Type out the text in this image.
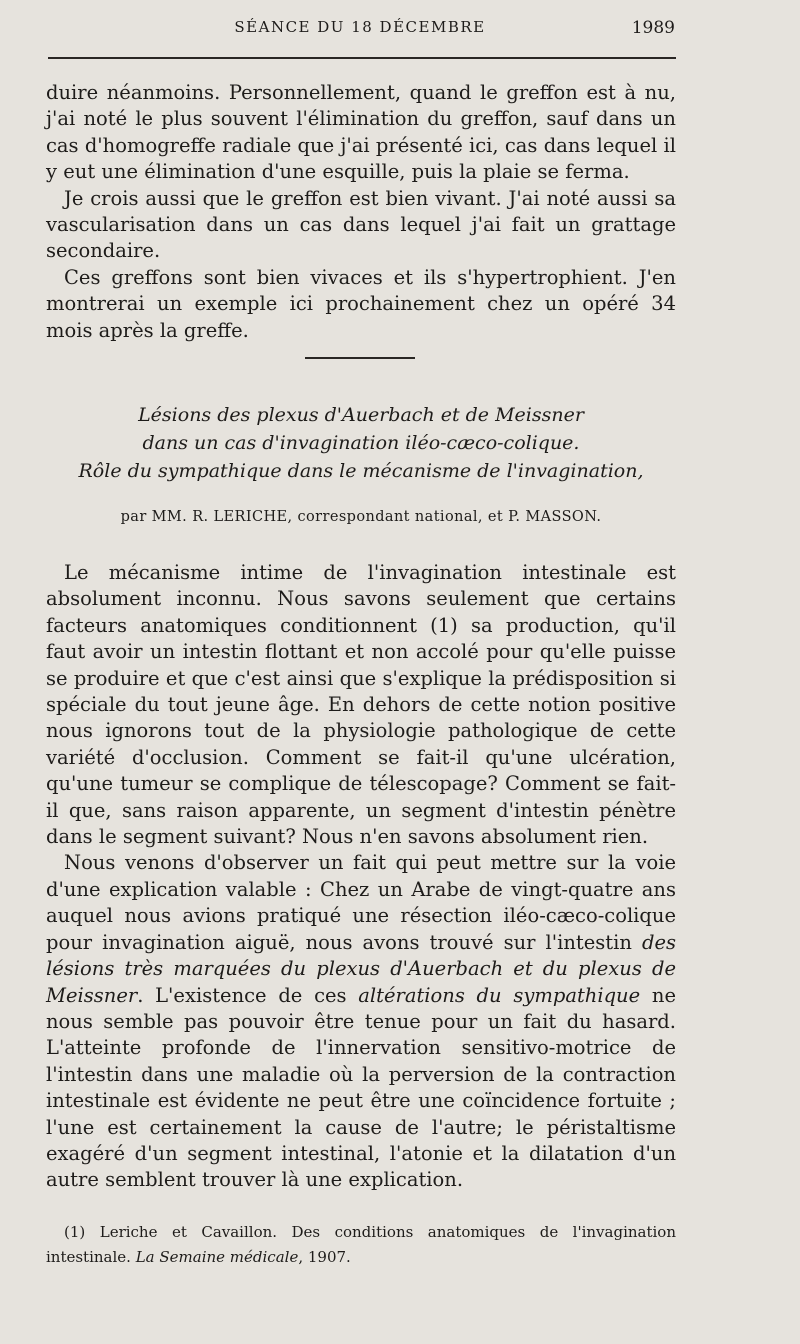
SÉANCE DU 18 DÉCEMBRE	1989

duire néanmoins. Personnellement, quand le greffon est à nu, j'ai noté le plus souvent l'élimination du greffon, sauf dans un cas d'homogreffe radiale que j'ai présenté ici, cas dans lequel il y eut une élimination d'une esquille, puis la plaie se ferma.

Je crois aussi que le greffon est bien vivant. J'ai noté aussi sa vascularisation dans un cas dans lequel j'ai fait un grattage secondaire.

Ces greffons sont bien vivaces et ils s'hypertrophient. J'en montrerai un exemple ici prochainement chez un opéré 34 mois après la greffe.

Lésions des plexus d'Auerbach et de Meissner
dans un cas d'invagination iléo-cæco-colique.
Rôle du sympathique dans le mécanisme de l'invagination,
par MM. R. LERICHE, correspondant national, et P. MASSON.

Le mécanisme intime de l'invagination intestinale est absolument inconnu. Nous savons seulement que certains facteurs anatomiques conditionnent (1) sa production, qu'il faut avoir un intestin flottant et non accolé pour qu'elle puisse se produire et que c'est ainsi que s'explique la prédisposition si spéciale du tout jeune âge. En dehors de cette notion positive nous ignorons tout de la physiologie pathologique de cette variété d'occlusion. Comment se fait-il qu'une ulcération, qu'une tumeur se complique de télescopage? Comment se fait-il que, sans raison apparente, un segment d'intestin pénètre dans le segment suivant? Nous n'en savons absolument rien.

Nous venons d'observer un fait qui peut mettre sur la voie d'une explication valable : Chez un Arabe de vingt-quatre ans auquel nous avions pratiqué une résection iléo-cæco-colique pour invagination aiguë, nous avons trouvé sur l'intestin des lésions très marquées du plexus d'Auerbach et du plexus de Meissner. L'existence de ces altérations du sympathique ne nous semble pas pouvoir être tenue pour un fait du hasard. L'atteinte profonde de l'innervation sensitivo-motrice de l'intestin dans une maladie où la perversion de la contraction intestinale est évidente ne peut être une coïncidence fortuite ; l'une est certainement la cause de l'autre; le péristaltisme exagéré d'un segment intestinal, l'atonie et la dilatation d'un autre semblent trouver là une explication.

(1) Leriche et Cavaillon. Des conditions anatomiques de l'invagination intestinale. La Semaine médicale, 1907.
